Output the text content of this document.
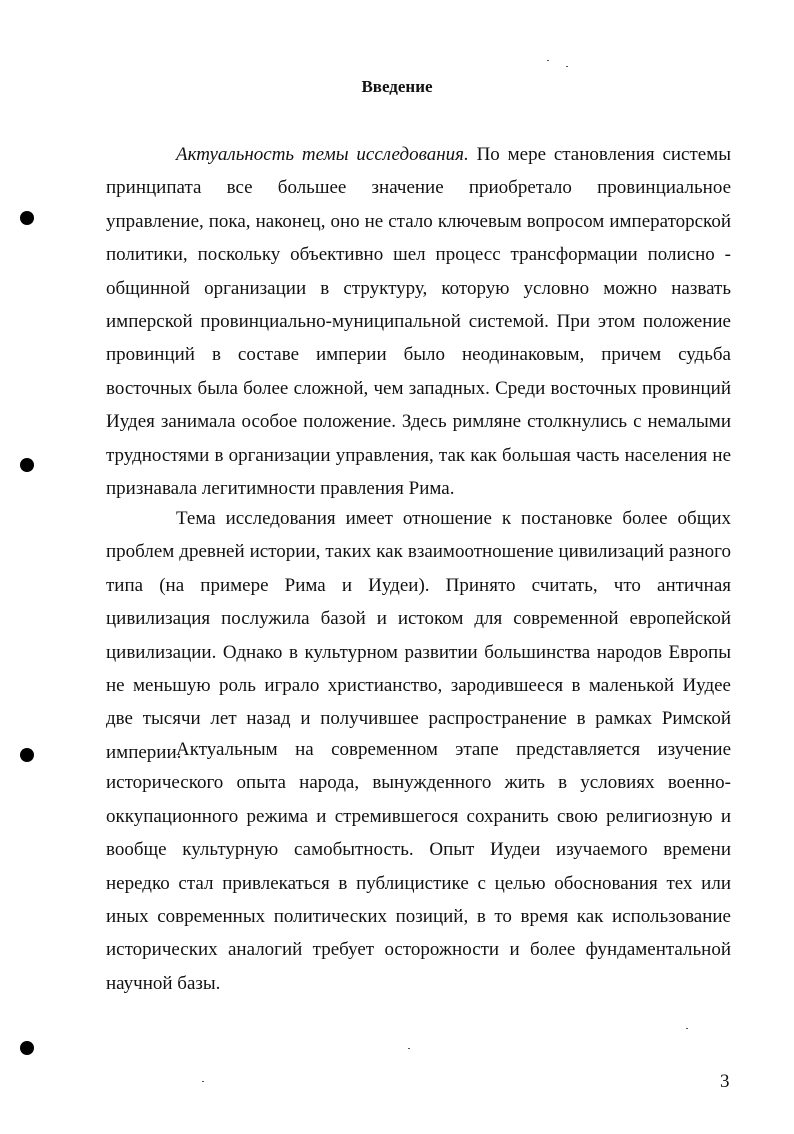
Введение

Актуальность темы исследования. По мере становления системы принципата все большее значение приобретало провинциальное управление, пока, наконец, оно не стало ключевым вопросом императорской политики, поскольку объективно шел процесс трансформации полисно - общинной организации в структуру, которую условно можно назвать имперской провинциально-муниципальной системой. При этом положение провинций в составе империи было неодинаковым, причем судьба восточных была более сложной, чем западных. Среди восточных провинций Иудея занимала особое положение. Здесь римляне столкнулись с немалыми трудностями в организации управления, так как большая часть населения не признавала легитимности правления Рима.

Тема исследования имеет отношение к постановке более общих проблем древней истории, таких как взаимоотношение цивилизаций разного типа (на примере Рима и Иудеи). Принято считать, что античная цивилизация послужила базой и истоком для современной европейской цивилизации. Однако в культурном развитии большинства народов Европы не меньшую роль играло христианство, зародившееся в маленькой Иудее две тысячи лет назад и получившее распространение в рамках Римской империи.

Актуальным на современном этапе представляется изучение исторического опыта народа, вынужденного жить в условиях военно-оккупационного режима и стремившегося сохранить свою религиозную и вообще культурную самобытность. Опыт Иудеи изучаемого времени нередко стал привлекаться в публицистике с целью обоснования тех или иных современных политических позиций, в то время как использование исторических аналогий требует осторожности и более фундаментальной научной базы.

3
